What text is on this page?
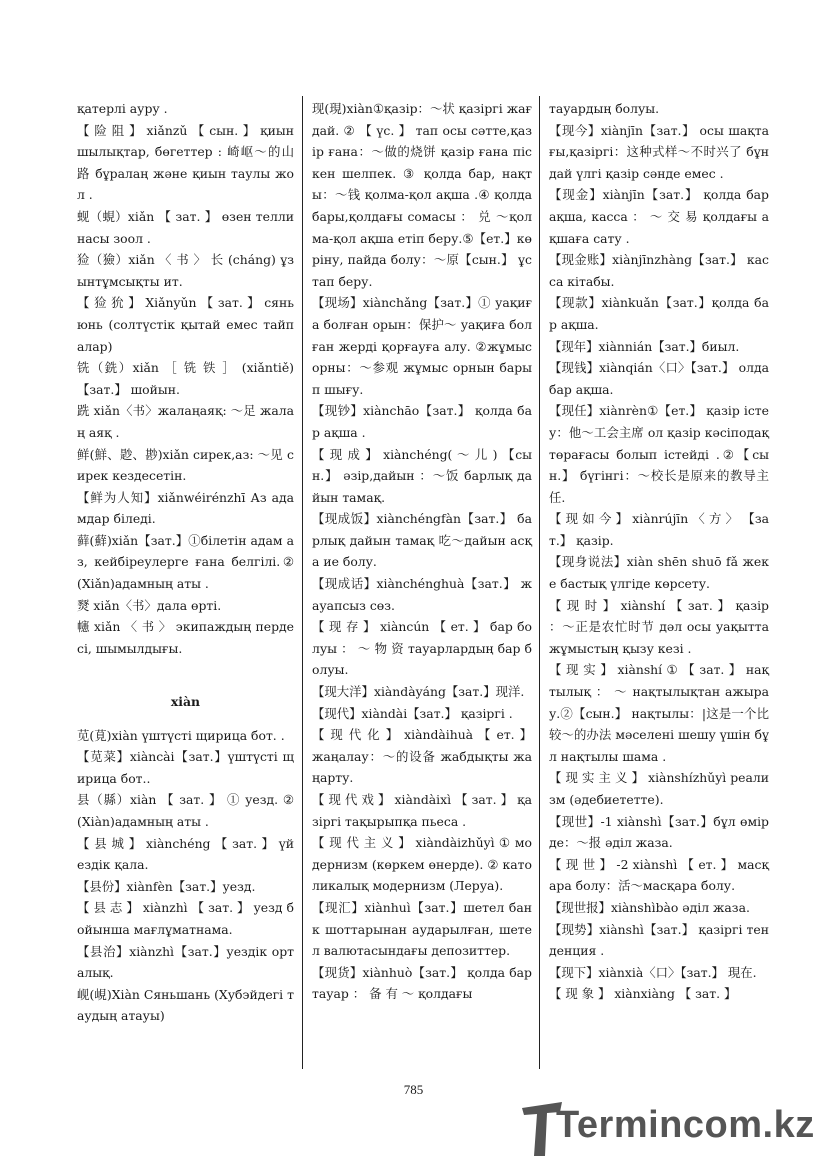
қатерлі ауру .

【 险 阻 】 xiǎnzǔ 【 сын. 】 қиыншылықтар, бөгеттер : 崎岖～的山路 бұралаң және қиын таулы жол .

蚬（蜆）xiǎn 【 зат. 】 өзен теллинасы зоол .

猃（獫）xiǎn 〈 书 〉 长 (cháng) ұзынтұмсықты ит.

【 猃 狁 】 Xiǎnyǔn 【 зат. 】 сяньюнь (солтүстік қытай емес тайпалар)

铣（銑）xiǎn ［ 铣 铁 ］ (xiǎntiě) 【зат.】 шойын.

跣 xiǎn〈书〉жалаңаяқ: ～足 жалаң аяқ .

鲜(鮮、尟、尠)xiǎn сирек,аз: ～见 сирек кездесетін.

【鲜为人知】xiǎnwéirénzhī Аз адамдар біледі.

藓(蘚)xiǎn【зат.】①білетін адам аз, кейбіреулерге ғана белгілі.② (Xiǎn)адамның аты .

燹 xiǎn〈书〉дала өрті.

幰 xiǎn 〈 书 〉 экипаждың пердесі, шымылдығы.

xiàn

苋(莧)xiàn үштүсті щирица бот. .

【苋菜】xiàncài【зат.】үштүсті щирица бот..

县（縣）xiàn 【 зат. 】 ① уезд. ② (Xiàn)адамның аты .

【 县 城 】 xiànchéng 【 зат. 】 үйездік қала.

【县份】xiànfèn【зат.】уезд.

【 县 志 】 xiànzhì 【 зат. 】 уезд бойынша мағлұматнама.

【县治】xiànzhì【зат.】уездік орталық.

岘(峴)Xiàn Сяньшань (Хубэйдегі таудың атауы)

现(現)xiàn①қазір：～状 қазіргі жағдай. ② 【 үс. 】 тап осы сәтте,қазір ғана：～做的烧饼 қазір ғана піскен шелпек. ③ қолда бар, нақты：～钱 қолма-қол ақша .④ қолда бары,қолдағы сомасы ： 兑 ～қолма-қол ақша етіп беру.⑤【ет.】көріну, пайда болу：～原【сын.】 ұстап беру.

【现场】xiànchǎng【зат.】① уақиға болған орын：保护～ уақиға болған жерді қорғауға алу. ②жұмыс орны：～参观 жұмыс орнын барып шығу.

【现钞】xiànchāo【зат.】 қолда бар ақша .

【 现 成 】 xiànchéng( ～ 儿 ) 【сын.】 әзір,дайын ：～饭 барлық дайын тамақ.

【现成饭】xiànchéngfàn【зат.】 барлық дайын тамақ 吃～дайын асқа ие болу.

【现成话】xiànchénghuà【зат.】 жауапсыз сөз.

【 现 存 】 xiàncún 【 ет. 】 бар болуы ： ～ 物 资 тауарлардың бар болуы.

【现大洋】xiàndàyáng【зат.】现洋.

【现代】xiàndài【зат.】 қазіргі .

【 现 代 化 】 xiàndàihuà 【 ет. 】 жаңалау：～的设备 жабдықты жаңарту.

【 现 代 戏 】 xiàndàixì 【 зат. 】 қазіргі тақырыпқа пьеса .

【 现 代 主 义 】 xiàndàizhǔyì ① модернизм (көркем өнерде). ② католикалық модернизм (Леруа).

【现汇】xiànhuì【зат.】шетел банк шоттарынан аударылған, шетел валютасындағы депозиттер.

【现货】xiànhuò【зат.】 қолда бар тауар ： 备 有 ～ қолдағы

тауардың болуы.

【现今】xiànjīn【зат.】 осы шақтағы,қазіргі：这种式样～不时兴了 бұндай үлгі қазір сәнде емес .

【现金】xiànjīn【зат.】 қолда бар ақша, касса ： ～ 交 易 қолдағы ақшаға сату .

【现金账】xiànjīnzhàng【зат.】 касса кітабы.

【现款】xiànkuǎn【зат.】қолда бар ақша.

【现年】xiànnián【зат.】биыл.

【现钱】xiànqián〈口〉【зат.】 олда бар ақша.

【现任】xiànrèn①【ет.】 қазір істеу：他～工会主席 ол қазір кәсіподақ төрағасы болып істейді .②【сын.】 бүгінгі：～校长是原来的教导主任.

【 现 如 今 】 xiànrújīn 〈 方 〉 【зат.】 қазір.

【现身说法】xiàn shēn shuō fǎ жеке бастық үлгіде көрсету.

【 现 时 】 xiànshí 【 зат. 】 қазір ：～正是农忙时节 дәл осы уақытта жұмыстың қызу кезі .

【 现 实 】 xiànshí ① 【 зат. 】 нақтылық ： ～ нақтылықтан ажырау.②【сын.】 нақтылы：|这是一个比较～的办法 мәселені шешу үшін бұл нақтылы шама .

【 现 实 主 义 】 xiànshízhǔyì реализм (әдебиететте).

【现世】-1 xiànshì【зат.】бұл өмірде：～报 әділ жаза.

【 现 世 】 -2 xiànshì 【 ет. 】 масқара болу：活～масқара болу.

【现世报】xiànshìbào әділ жаза.

【现势】xiànshì【зат.】 қазіргі тенденция .

【现下】xiànxià〈口〉【зат.】 現在.

【 现 象 】 xiànxiàng 【 зат. 】

785
Termincom.kz
